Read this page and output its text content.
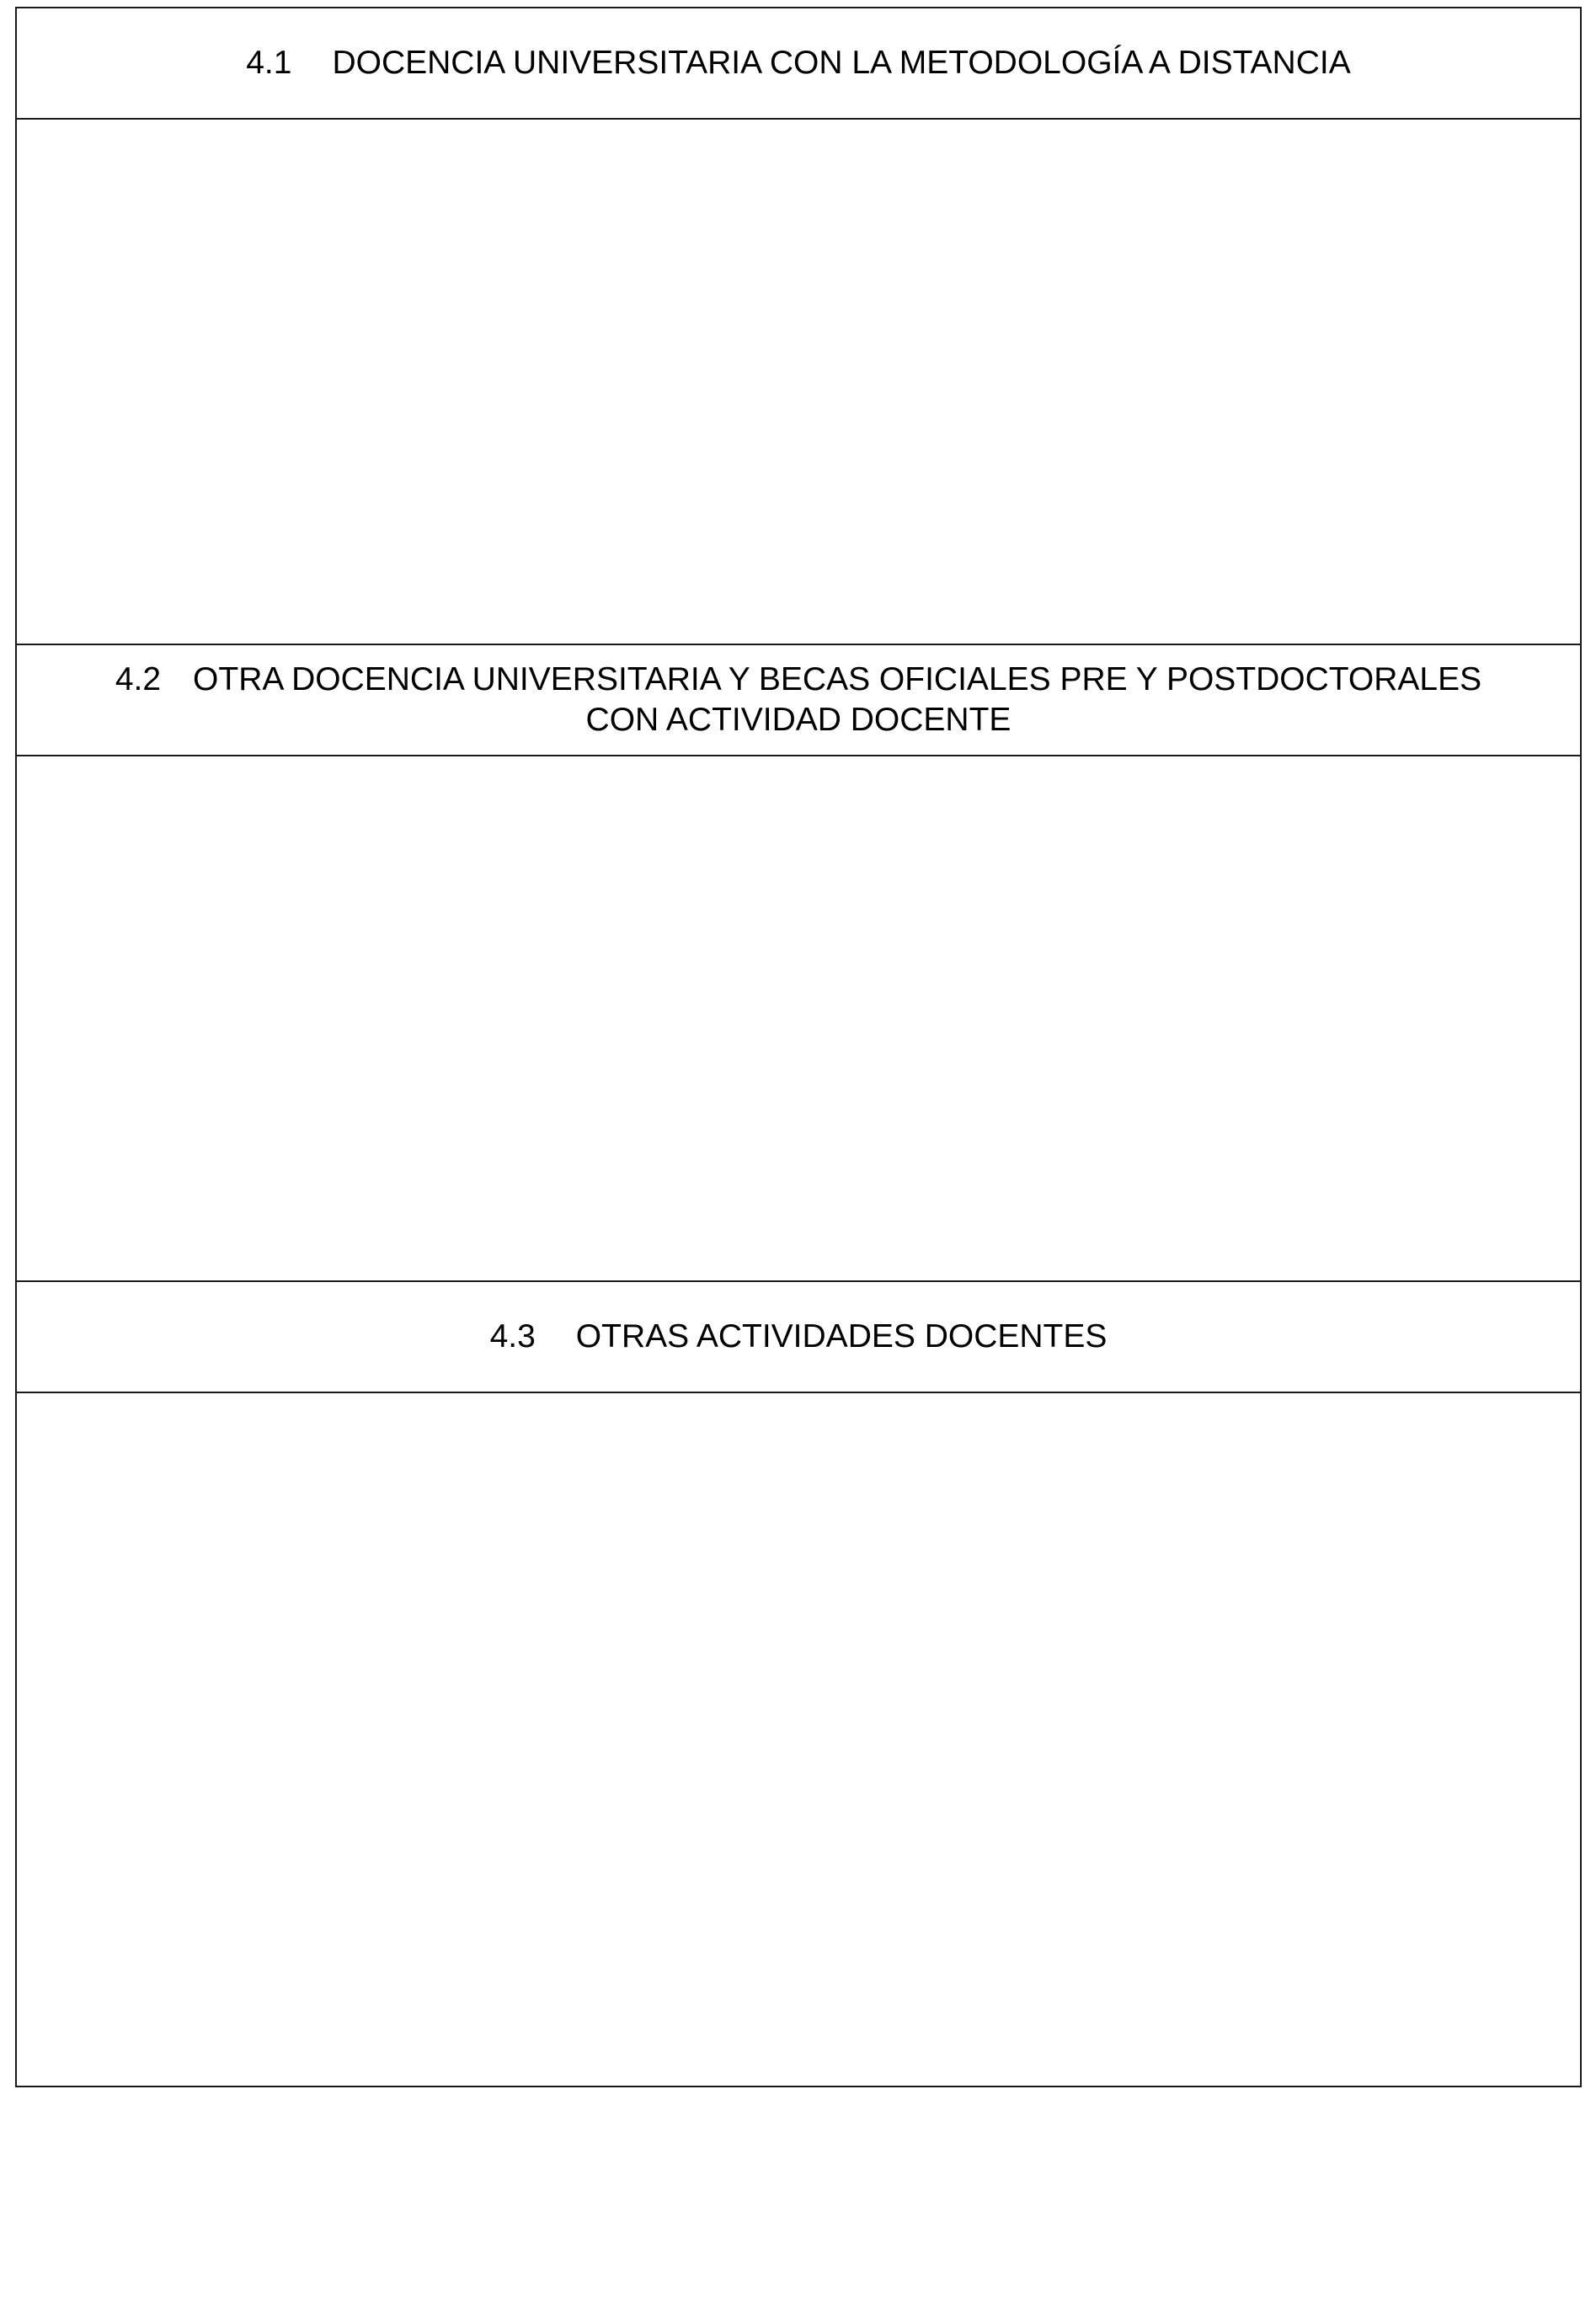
4.1 DOCENCIA UNIVERSITARIA CON LA METODOLOGÍA A DISTANCIA
4.2 OTRA DOCENCIA UNIVERSITARIA Y BECAS OFICIALES PRE Y POSTDOCTORALES
CON ACTIVIDAD DOCENTE
4.3 OTRAS ACTIVIDADES DOCENTES
